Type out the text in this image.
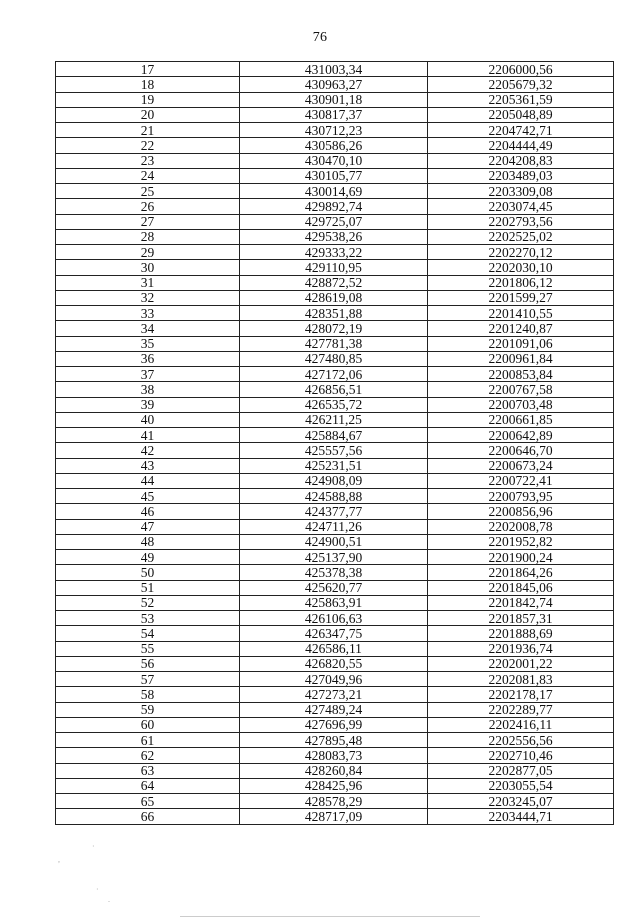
76
17	431003,34	2206000,56
18	430963,27	2205679,32
19	430901,18	2205361,59
20	430817,37	2205048,89
21	430712,23	2204742,71
22	430586,26	2204444,49
23	430470,10	2204208,83
24	430105,77	2203489,03
25	430014,69	2203309,08
26	429892,74	2203074,45
27	429725,07	2202793,56
28	429538,26	2202525,02
29	429333,22	2202270,12
30	429110,95	2202030,10
31	428872,52	2201806,12
32	428619,08	2201599,27
33	428351,88	2201410,55
34	428072,19	2201240,87
35	427781,38	2201091,06
36	427480,85	2200961,84
37	427172,06	2200853,84
38	426856,51	2200767,58
39	426535,72	2200703,48
40	426211,25	2200661,85
41	425884,67	2200642,89
42	425557,56	2200646,70
43	425231,51	2200673,24
44	424908,09	2200722,41
45	424588,88	2200793,95
46	424377,77	2200856,96
47	424711,26	2202008,78
48	424900,51	2201952,82
49	425137,90	2201900,24
50	425378,38	2201864,26
51	425620,77	2201845,06
52	425863,91	2201842,74
53	426106,63	2201857,31
54	426347,75	2201888,69
55	426586,11	2201936,74
56	426820,55	2202001,22
57	427049,96	2202081,83
58	427273,21	2202178,17
59	427489,24	2202289,77
60	427696,99	2202416,11
61	427895,48	2202556,56
62	428083,73	2202710,46
63	428260,84	2202877,05
64	428425,96	2203055,54
65	428578,29	2203245,07
66	428717,09	2203444,71
,
·
·
.
